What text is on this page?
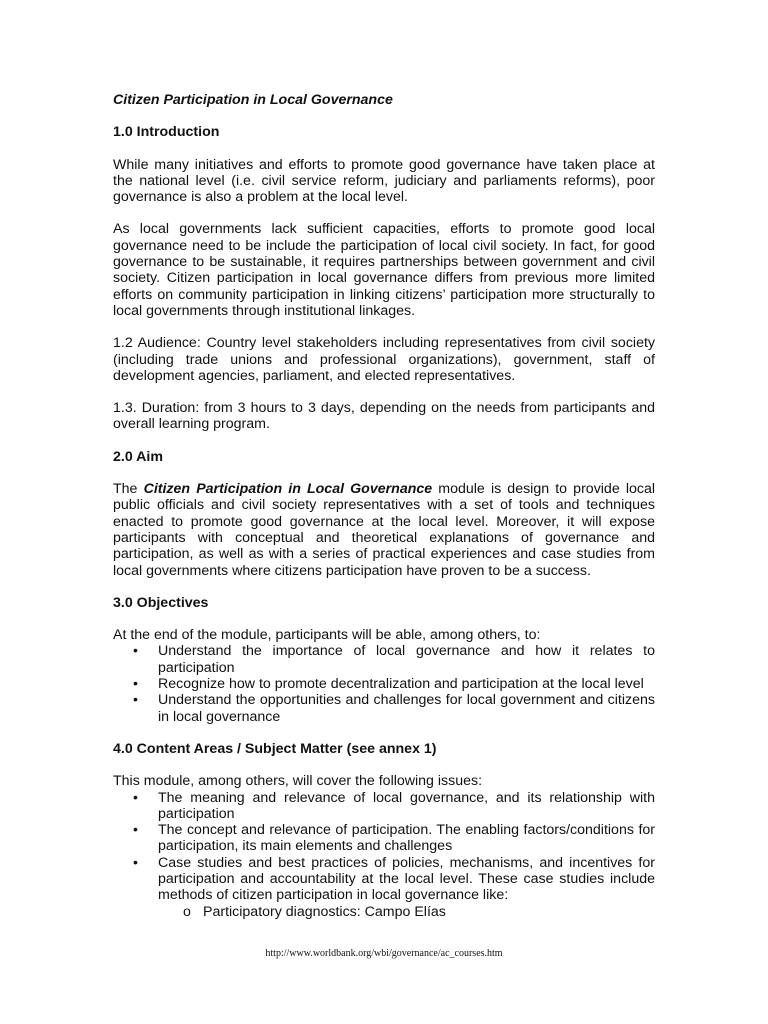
Citizen Participation in Local Governance

1.0 Introduction

While many initiatives and efforts to promote good governance have taken place at the national level (i.e. civil service reform, judiciary and parliaments reforms), poor governance is also a problem at the local level.

As local governments lack sufficient capacities, efforts to promote good local governance need to be include the participation of local civil society. In fact, for good governance to be sustainable, it requires partnerships between government and civil society. Citizen participation in local governance differs from previous more limited efforts on community participation in linking citizens’ participation more structurally to local governments through institutional linkages.

1.2 Audience: Country level stakeholders including representatives from civil society (including trade unions and professional organizations), government, staff of development agencies, parliament, and elected representatives.

1.3. Duration: from 3 hours to 3 days, depending on the needs from participants and overall learning program.

2.0 Aim

The Citizen Participation in Local Governance module is design to provide local public officials and civil society representatives with a set of tools and techniques enacted to promote good governance at the local level. Moreover, it will expose participants with conceptual and theoretical explanations of governance and participation, as well as with a series of practical experiences and case studies from local governments where citizens participation have proven to be a success.

3.0 Objectives

At the end of the module, participants will be able, among others, to:

• Understand the importance of local governance and how it relates to participation
• Recognize how to promote decentralization and participation at the local level
• Understand the opportunities and challenges for local government and citizens in local governance
4.0 Content Areas / Subject Matter (see annex 1)

This module, among others, will cover the following issues:

• The meaning and relevance of local governance, and its relationship with participation
• The concept and relevance of participation. The enabling factors/conditions for participation, its main elements and challenges
• Case studies and best practices of policies, mechanisms, and incentives for participation and accountability at the local level. These case studies include methods of citizen participation in local governance like:
o Participatory diagnostics: Campo Elías
http://www.worldbank.org/wbi/governance/ac_courses.htm
